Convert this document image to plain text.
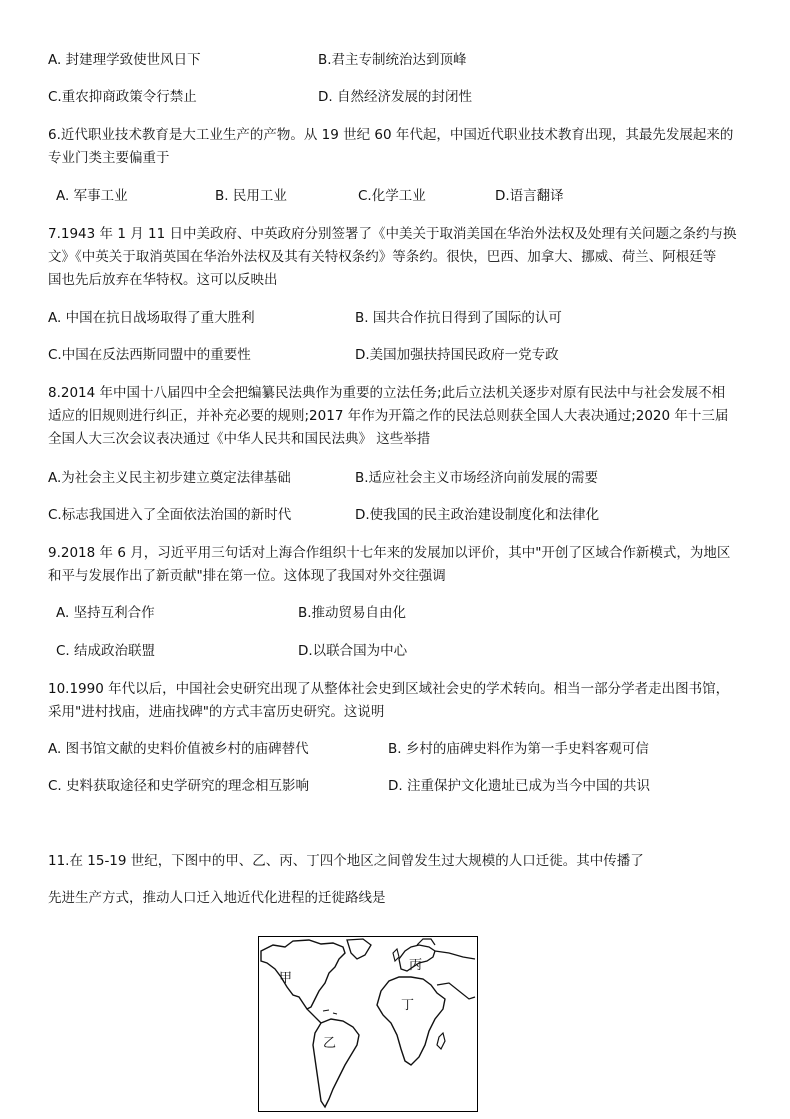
A. 封建理学致使世风日下	B.君主专制统治达到顶峰
C.重农抑商政策令行禁止	D. 自然经济发展的封闭性
6.近代职业技术教育是大工业生产的产物。从 19 世纪 60 年代起，中国近代职业技术教育出现，其最先发展起来的
专业门类主要偏重于
A. 军事工业	B. 民用工业	C.化学工业	D.语言翻译
7.1943 年 1 月 11 日中美政府、中英政府分别签署了《中美关于取消美国在华治外法权及处理有关问题之条约与换
文》《中英关于取消英国在华治外法权及其有关特权条约》等条约。很快，巴西、加拿大、挪威、荷兰、阿根廷等
国也先后放弃在华特权。这可以反映出
A. 中国在抗日战场取得了重大胜利	B. 国共合作抗日得到了国际的认可
C.中国在反法西斯同盟中的重要性	D.美国加强扶持国民政府一党专政
8.2014 年中国十八届四中全会把编纂民法典作为重要的立法任务;此后立法机关逐步对原有民法中与社会发展不相
适应的旧规则进行纠正，并补充必要的规则;2017 年作为开篇之作的民法总则获全国人大表决通过;2020 年十三届
全国人大三次会议表决通过《中华人民共和国民法典》 这些举措
A.为社会主义民主初步建立奠定法律基础	B.适应社会主义市场经济向前发展的需要
C.标志我国进入了全面依法治国的新时代	D.使我国的民主政治建设制度化和法律化
9.2018 年 6 月，习近平用三句话对上海合作组织十七年来的发展加以评价，其中"开创了区域合作新模式，为地区
和平与发展作出了新贡献"排在第一位。这体现了我国对外交往强调
A. 坚持互利合作	B.推动贸易自由化
C. 结成政治联盟	D.以联合国为中心
10.1990 年代以后，中国社会史研究出现了从整体社会史到区域社会史的学术转向。相当一部分学者走出图书馆，
采用"进村找庙，进庙找碑"的方式丰富历史研究。这说明
A. 图书馆文献的史料价值被乡村的庙碑替代	B. 乡村的庙碑史料作为第一手史料客观可信
C. 史料获取途径和史学研究的理念相互影响	D. 注重保护文化遗址已成为当今中国的共识
11.在 15-19 世纪，下图中的甲、乙、丙、丁四个地区之间曾发生过大规模的人口迁徙。其中传播了
先进生产方式，推动人口迁入地近代化进程的迁徙路线是
甲
乙
丙
丁
